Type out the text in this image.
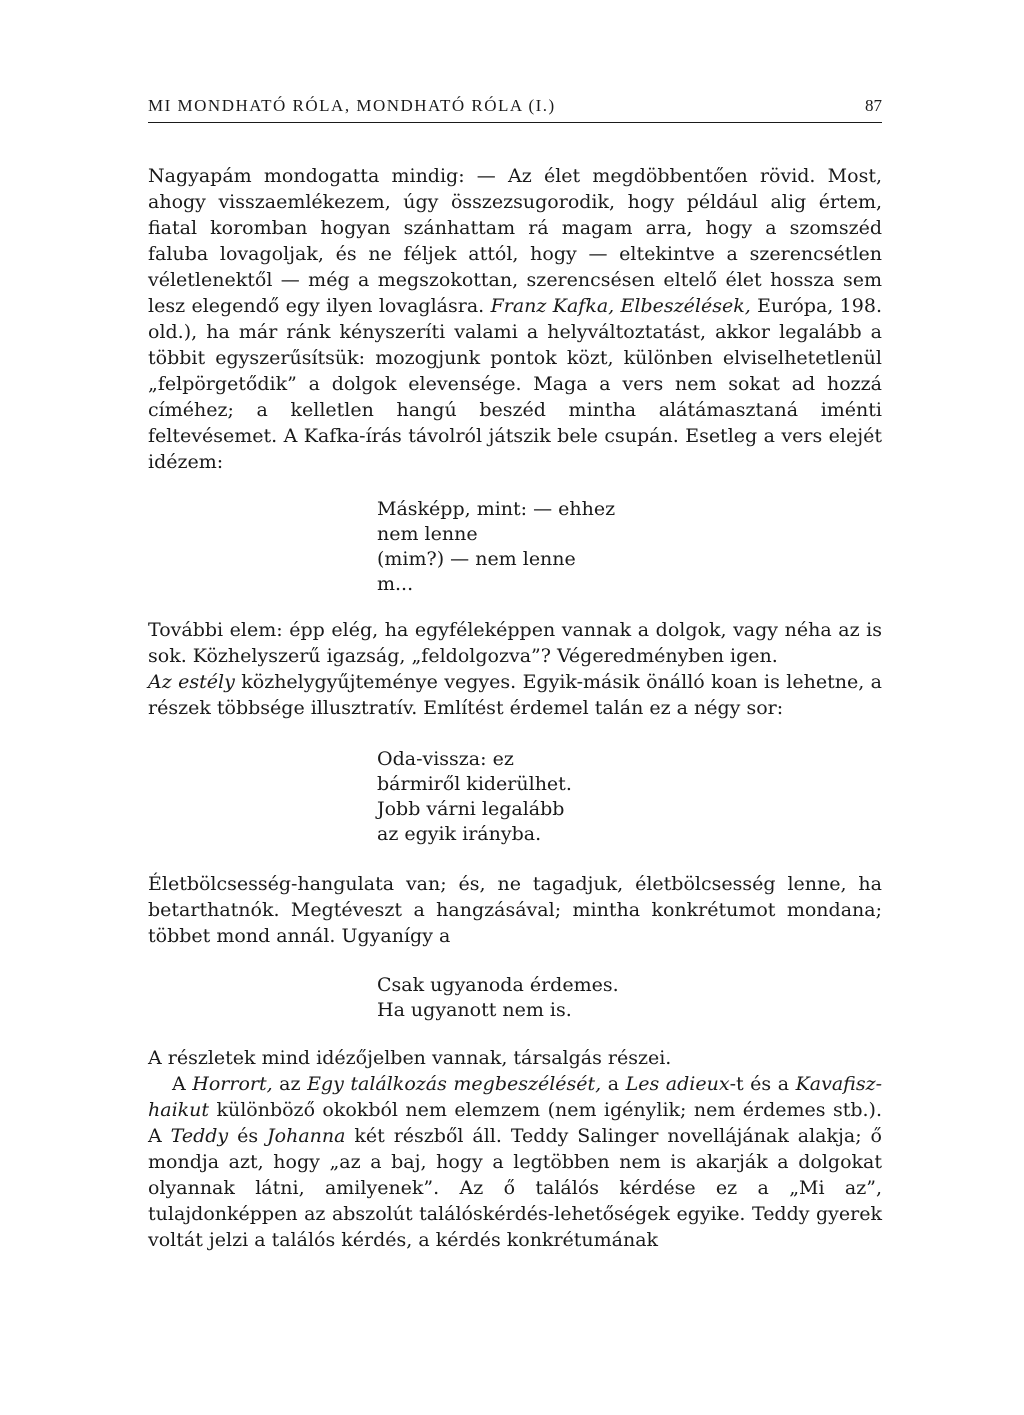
MI MONDHATÓ RÓLA, MONDHATÓ RÓLA (I.)	87

Nagyapám mondogatta mindig: — Az élet megdöbbentően rövid. Most, ahogy visszaemlékezem, úgy összezsugorodik, hogy például alig értem, fiatal koromban hogyan szánhattam rá magam arra, hogy a szomszéd faluba lovagoljak, és ne féljek attól, hogy — eltekintve a szerencsétlen véletlenektől — még a megszokottan, szerencsésen eltelő élet hossza sem lesz elegendő egy ilyen lovaglásra. Franz Kafka, Elbeszélések, Európa, 198. old.), ha már ránk kényszeríti valami a helyváltoztatást, akkor legalább a többit egyszerűsítsük: mozogjunk pontok közt, különben elviselhetetlenül „felpörgetődik” a dolgok elevensége. Maga a vers nem sokat ad hozzá címéhez; a kelletlen hangú beszéd mintha alátámasztaná iménti feltevésemet. A Kafka-írás távolról játszik bele csupán. Esetleg a vers elejét idézem:

Másképp, mint: — ehhez
nem lenne
(mim?) — nem lenne
m...

További elem: épp elég, ha egyféleképpen vannak a dolgok, vagy néha az is sok. Közhelyszerű igazság, „feldolgozva”? Végeredményben igen.
Az estély közhelygyűjteménye vegyes. Egyik-másik önálló koan is lehetne, a részek többsége illusztratív. Említést érdemel talán ez a négy sor:

Oda-vissza: ez
bármiről kiderülhet.
Jobb várni legalább
az egyik irányba.

Életbölcsesség-hangulata van; és, ne tagadjuk, életbölcsesség lenne, ha betarthatnók. Megtéveszt a hangzásával; mintha konkrétumot mondana; többet mond annál. Ugyanígy a

Csak ugyanoda érdemes.
Ha ugyanott nem is.

A részletek mind idézőjelben vannak, társalgás részei.

A Horrort, az Egy találkozás megbeszélését, a Les adieux-t és a Kavafisz-haikut különböző okokból nem elemzem (nem igénylik; nem érdemes stb.). A Teddy és Johanna két részből áll. Teddy Salinger novellájának alakja; ő mondja azt, hogy „az a baj, hogy a legtöbben nem is akarják a dolgokat olyannak látni, amilyenek”. Az ő találós kérdése ez a „Mi az”, tulajdonképpen az abszolút találóskérdés-lehetőségek egyike. Teddy gyerek voltát jelzi a találós kérdés, a kérdés konkrétumának
